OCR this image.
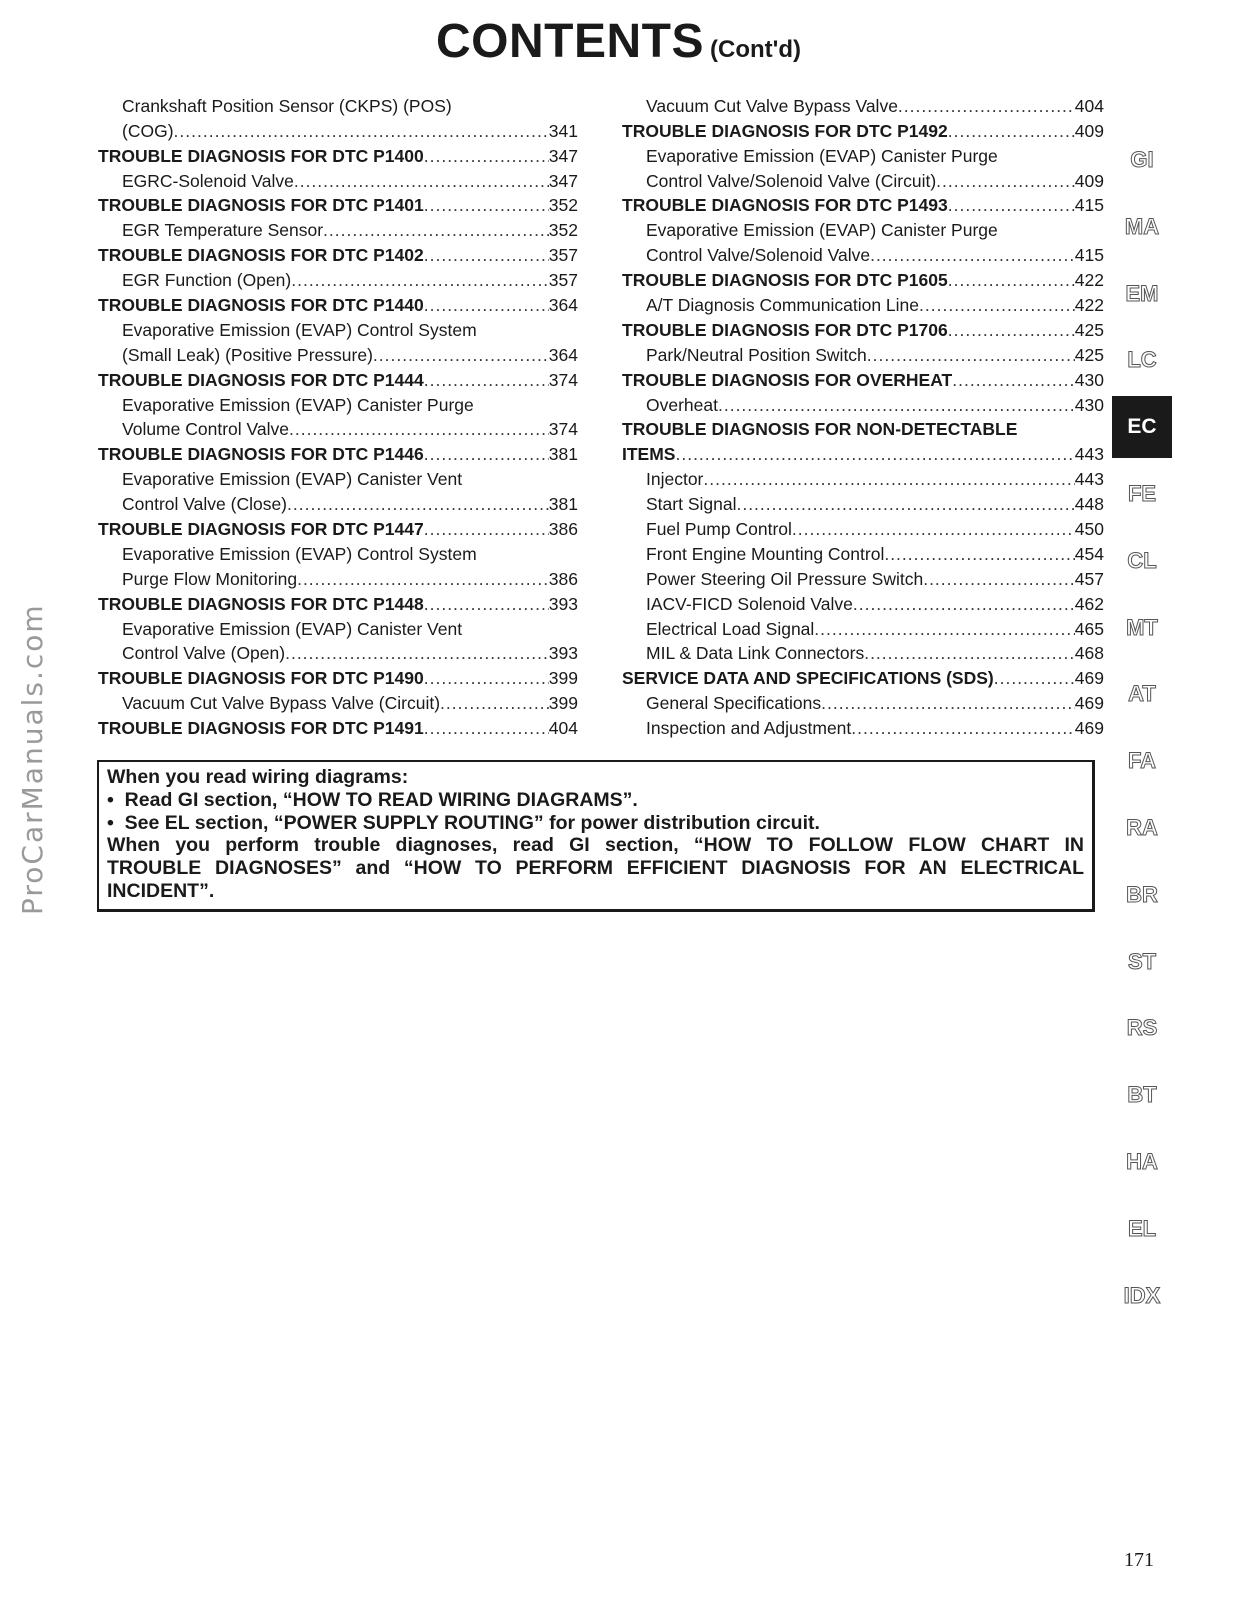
CONTENTS (Cont'd)
Crankshaft Position Sensor (CKPS) (POS)
(COG) .....	341
TROUBLE DIAGNOSIS FOR DTC P1400 .....	347
EGRC-Solenoid Valve .....	347
TROUBLE DIAGNOSIS FOR DTC P1401 .....	352
EGR Temperature Sensor .....	352
TROUBLE DIAGNOSIS FOR DTC P1402 .....	357
EGR Function (Open) .....	357
TROUBLE DIAGNOSIS FOR DTC P1440 .....	364
Evaporative Emission (EVAP) Control System
(Small Leak) (Positive Pressure) .....	364
TROUBLE DIAGNOSIS FOR DTC P1444 .....	374
Evaporative Emission (EVAP) Canister Purge
Volume Control Valve .....	374
TROUBLE DIAGNOSIS FOR DTC P1446 .....	381
Evaporative Emission (EVAP) Canister Vent
Control Valve (Close) .....	381
TROUBLE DIAGNOSIS FOR DTC P1447 .....	386
Evaporative Emission (EVAP) Control System
Purge Flow Monitoring .....	386
TROUBLE DIAGNOSIS FOR DTC P1448 .....	393
Evaporative Emission (EVAP) Canister Vent
Control Valve (Open) .....	393
TROUBLE DIAGNOSIS FOR DTC P1490 .....	399
Vacuum Cut Valve Bypass Valve (Circuit) .....	399
TROUBLE DIAGNOSIS FOR DTC P1491 .....	404
Vacuum Cut Valve Bypass Valve .....	404
TROUBLE DIAGNOSIS FOR DTC P1492 .....	409
Evaporative Emission (EVAP) Canister Purge
Control Valve/Solenoid Valve (Circuit) .....	409
TROUBLE DIAGNOSIS FOR DTC P1493 .....	415
Evaporative Emission (EVAP) Canister Purge
Control Valve/Solenoid Valve .....	415
TROUBLE DIAGNOSIS FOR DTC P1605 .....	422
A/T Diagnosis Communication Line .....	422
TROUBLE DIAGNOSIS FOR DTC P1706 .....	425
Park/Neutral Position Switch .....	425
TROUBLE DIAGNOSIS FOR OVERHEAT .....	430
Overheat .....	430
TROUBLE DIAGNOSIS FOR NON-DETECTABLE
ITEMS .....	443
Injector .....	443
Start Signal .....	448
Fuel Pump Control .....	450
Front Engine Mounting Control .....	454
Power Steering Oil Pressure Switch .....	457
IACV-FICD Solenoid Valve .....	462
Electrical Load Signal .....	465
MIL & Data Link Connectors .....	468
SERVICE DATA AND SPECIFICATIONS (SDS) .....	469
General Specifications .....	469
Inspection and Adjustment .....	469
When you read wiring diagrams:
•  Read GI section, “HOW TO READ WIRING DIAGRAMS”.
•  See EL section, “POWER SUPPLY ROUTING” for power distribution circuit.
When you perform trouble diagnoses, read GI section, “HOW TO FOLLOW FLOW CHART IN
TROUBLE DIAGNOSES” and “HOW TO PERFORM EFFICIENT DIAGNOSIS FOR AN ELECTRICAL
INCIDENT”.
GI
MA
EM
LC
EC
FE
CL
MT
AT
FA
RA
BR
ST
RS
BT
HA
EL
IDX
ProCarManuals.com
171
